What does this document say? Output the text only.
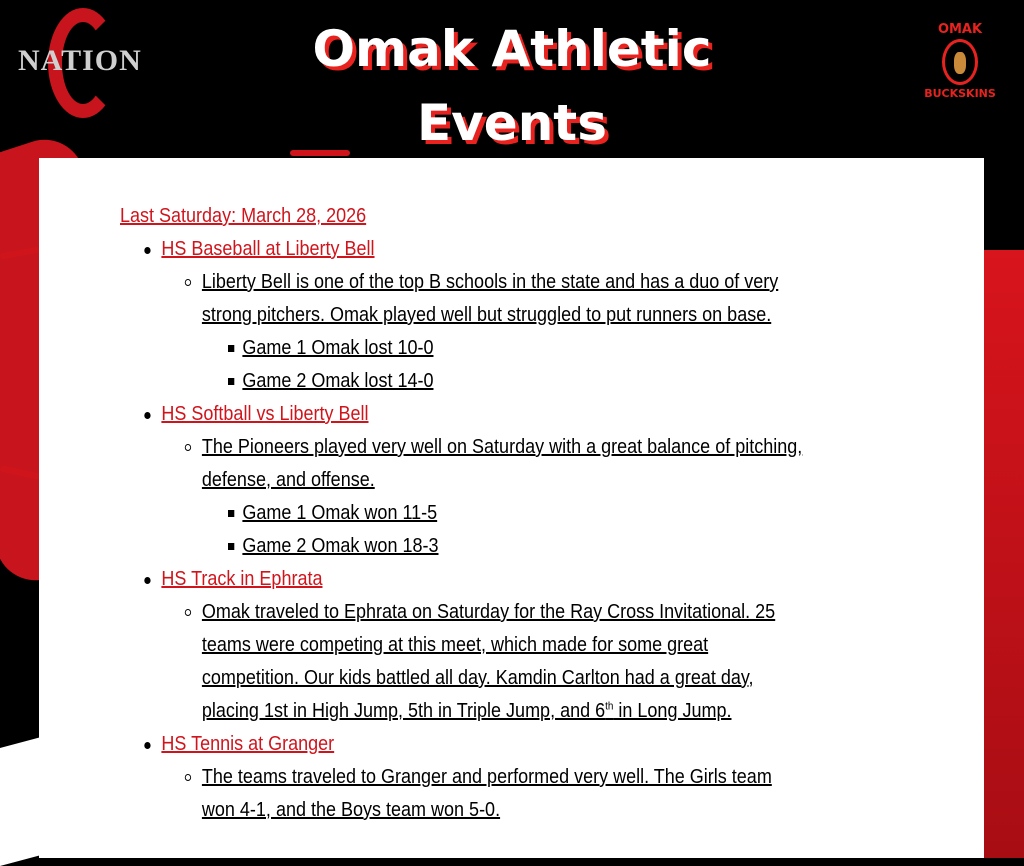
NATION
OMAK
BUCKSKINS
Omak Athletic
Events
Last Saturday: March 28, 2026
HS Baseball at Liberty Bell
Liberty Bell is one of the top B schools in the state and has a duo of very strong pitchers. Omak played well but struggled to put runners on base.
Game 1 Omak lost 10-0
Game 2 Omak lost 14-0
HS Softball vs Liberty Bell
The Pioneers played very well on Saturday with a great balance of pitching, defense, and offense.
Game 1 Omak won 11-5
Game 2 Omak won 18-3
HS Track in Ephrata
Omak traveled to Ephrata on Saturday for the Ray Cross Invitational. 25 teams were competing at this meet, which made for some great competition. Our kids battled all day. Kamdin Carlton had a great day, placing 1st in High Jump, 5th in Triple Jump, and 6th in Long Jump.
HS Tennis at Granger
The teams traveled to Granger and performed very well. The Girls team won 4-1, and the Boys team won 5-0.
